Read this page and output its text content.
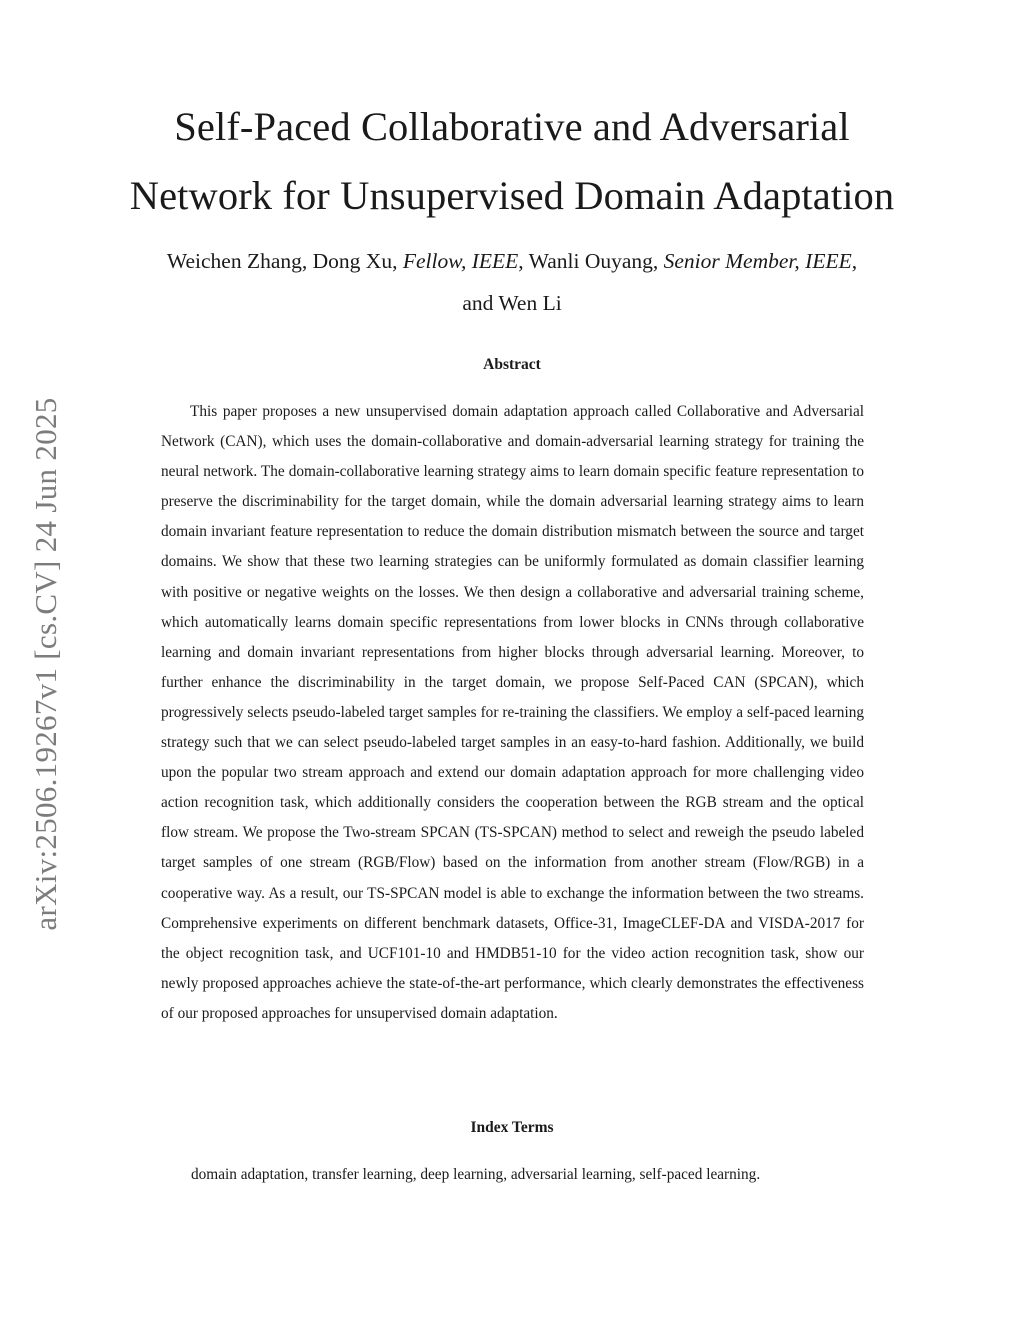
arXiv:2506.19267v1 [cs.CV] 24 Jun 2025
Self-Paced Collaborative and Adversarial
Network for Unsupervised Domain Adaptation
Weichen Zhang, Dong Xu, Fellow, IEEE, Wanli Ouyang, Senior Member, IEEE,
and Wen Li
Abstract

This paper proposes a new unsupervised domain adaptation approach called Collaborative and Adversarial Network (CAN), which uses the domain-collaborative and domain-adversarial learning strategy for training the neural network. The domain-collaborative learning strategy aims to learn domain specific feature representation to preserve the discriminability for the target domain, while the domain adversarial learning strategy aims to learn domain invariant feature representation to reduce the domain distribution mismatch between the source and target domains. We show that these two learning strategies can be uniformly formulated as domain classifier learning with positive or negative weights on the losses. We then design a collaborative and adversarial training scheme, which automatically learns domain specific representations from lower blocks in CNNs through collaborative learning and domain invariant representations from higher blocks through adversarial learning. Moreover, to further enhance the discriminability in the target domain, we propose Self-Paced CAN (SPCAN), which progressively selects pseudo-labeled target samples for re-training the classifiers. We employ a self-paced learning strategy such that we can select pseudo-labeled target samples in an easy-to-hard fashion. Additionally, we build upon the popular two stream approach and extend our domain adaptation approach for more challenging video action recognition task, which additionally considers the cooperation between the RGB stream and the optical flow stream. We propose the Two-stream SPCAN (TS-SPCAN) method to select and reweigh the pseudo labeled target samples of one stream (RGB/Flow) based on the information from another stream (Flow/RGB) in a cooperative way. As a result, our TS-SPCAN model is able to exchange the information between the two streams. Comprehensive experiments on different benchmark datasets, Office-31, ImageCLEF-DA and VISDA-2017 for the object recognition task, and UCF101-10 and HMDB51-10 for the video action recognition task, show our newly proposed approaches achieve the state-of-the-art performance, which clearly demonstrates the effectiveness of our proposed approaches for unsupervised domain adaptation.

Index Terms

domain adaptation, transfer learning, deep learning, adversarial learning, self-paced learning.
